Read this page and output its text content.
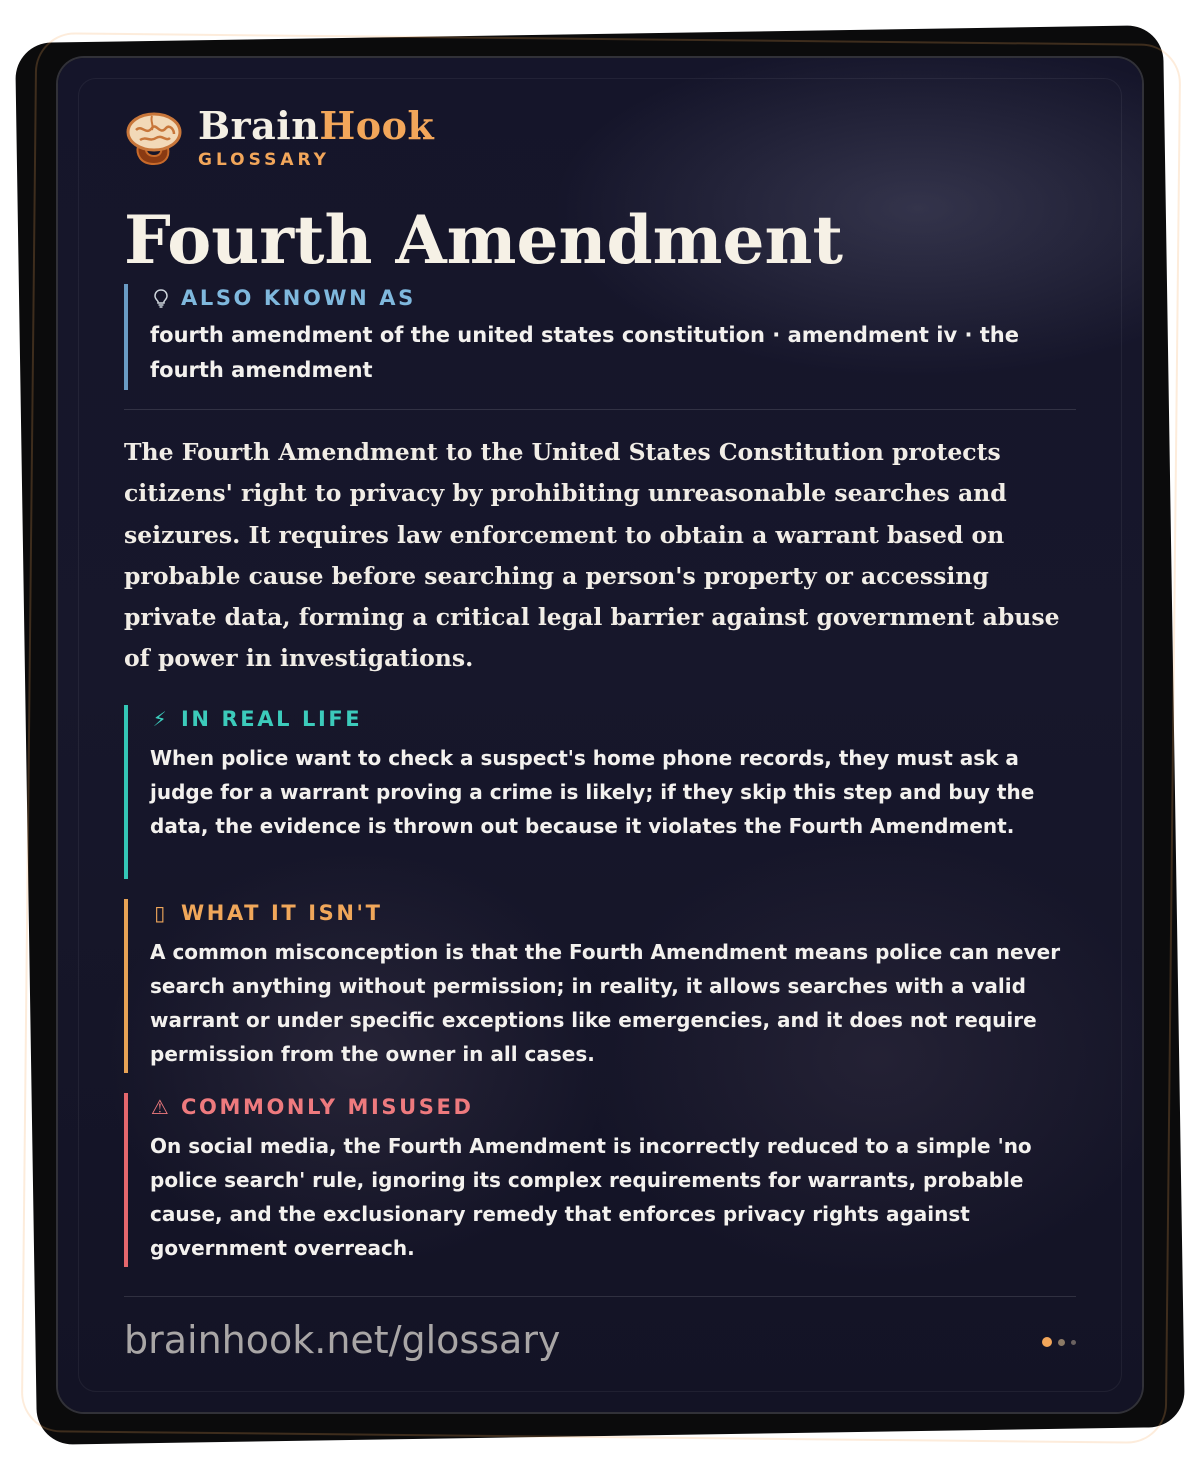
BrainHook
GLOSSARY
Fourth Amendment
ALSO KNOWN AS
fourth amendment of the united states constitution · amendment iv · the fourth amendment
The Fourth Amendment to the United States Constitution protects citizens' right to privacy by prohibiting unreasonable searches and seizures. It requires law enforcement to obtain a warrant based on probable cause before searching a person's property or accessing private data, forming a critical legal barrier against government abuse of power in investigations.
⚡ IN REAL LIFE
When police want to check a suspect's home phone records, they must ask a judge for a warrant proving a crime is likely; if they skip this step and buy the data, the evidence is thrown out because it violates the Fourth Amendment.
▯ WHAT IT ISN'T
A common misconception is that the Fourth Amendment means police can never search anything without permission; in reality, it allows searches with a valid warrant or under specific exceptions like emergencies, and it does not require permission from the owner in all cases.
⚠ COMMONLY MISUSED
On social media, the Fourth Amendment is incorrectly reduced to a simple 'no police search' rule, ignoring its complex requirements for warrants, probable cause, and the exclusionary remedy that enforces privacy rights against government overreach.
brainhook.net/glossary
